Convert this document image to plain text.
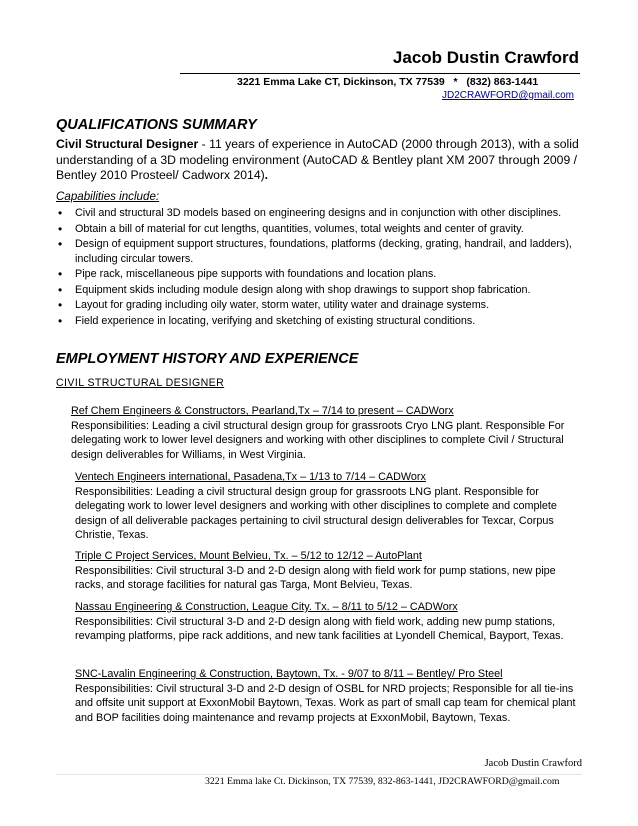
Jacob Dustin Crawford
3221 Emma Lake CT, Dickinson, TX 77539   *   (832) 863-1441
JD2CRAWFORD@gmail.com
QUALIFICATIONS SUMMARY
Civil Structural Designer - 11 years of experience in AutoCAD (2000 through 2013), with a solid understanding of a 3D modeling environment (AutoCAD & Bentley plant XM 2007 through 2009 / Bentley 2010 Prosteel/ Cadworx 2014).
Capabilities include:
• Civil and structural 3D models based on engineering designs and in conjunction with other disciplines.
• Obtain a bill of material for cut lengths, quantities, volumes, total weights and center of gravity.
• Design of equipment support structures, foundations, platforms (decking, grating, handrail, and ladders), including circular towers.
• Pipe rack, miscellaneous pipe supports with foundations and location plans.
• Equipment skids including module design along with shop drawings to support shop fabrication.
• Layout for grading including oily water, storm water, utility water and drainage systems.
• Field experience in locating, verifying and sketching of existing structural conditions.
EMPLOYMENT HISTORY AND EXPERIENCE
CIVIL STRUCTURAL DESIGNER
Ref Chem Engineers & Constructors, Pearland,Tx – 7/14 to present – CADWorx
Responsibilities: Leading a civil structural design group for grassroots Cryo LNG plant. Responsible For delegating work to lower level designers and working with other disciplines to complete Civil / Structural design deliverables for Williams, in West Virginia.
Ventech Engineers international, Pasadena,Tx – 1/13 to 7/14 – CADWorx
Responsibilities: Leading a civil structural design group for grassroots LNG plant. Responsible for delegating work to lower level designers and working with other disciplines to complete and complete design of all deliverable packages pertaining to civil structural design deliverables for Texcar, Corpus Christie, Texas.
Triple C Project Services, Mount Belvieu, Tx. – 5/12 to 12/12 – AutoPlant
Responsibilities: Civil structural 3-D and 2-D design along with field work for pump stations, new pipe racks, and storage facilities for natural gas Targa, Mont Belvieu, Texas.
Nassau Engineering & Construction, League City. Tx. – 8/11 to 5/12 – CADWorx
Responsibilities: Civil structural 3-D and 2-D design along with field work, adding new pump stations, revamping platforms, pipe rack additions, and new tank facilities at Lyondell Chemical, Bayport, Texas.
SNC-Lavalin Engineering & Construction, Baytown, Tx. - 9/07 to 8/11 – Bentley/ Pro Steel
Responsibilities: Civil structural 3-D and 2-D design of OSBL for NRD projects; Responsible for all tie-ins and offsite unit support at ExxonMobil Baytown, Texas. Work as part of small cap team for chemical plant and BOP facilities doing maintenance and revamp projects at ExxonMobil, Baytown, Texas.
Jacob Dustin Crawford
3221 Emma lake Ct. Dickinson, TX 77539, 832-863-1441, JD2CRAWFORD@gmail.com
